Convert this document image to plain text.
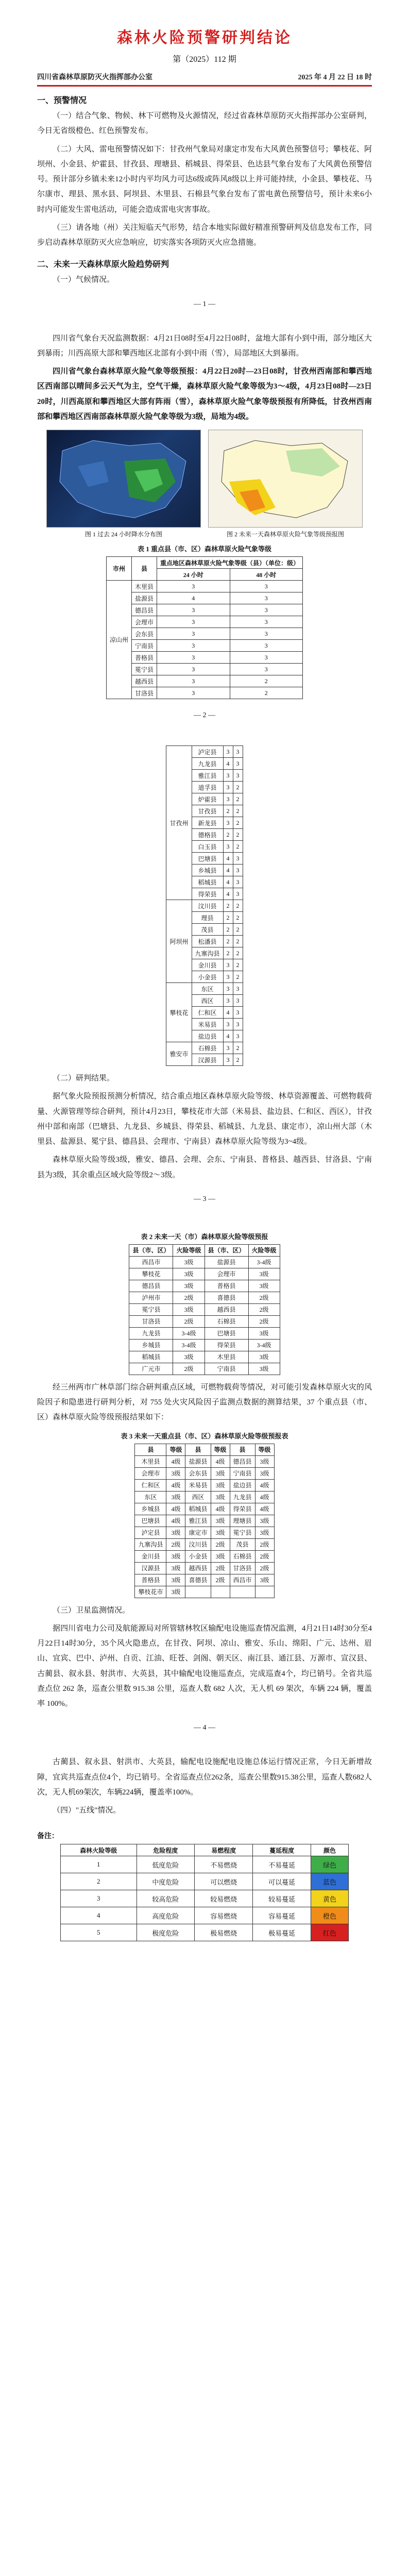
森林火险预警研判结论
第（2025）112 期
四川省森林草原防灭火指挥部办公室	2025 年 4 月 22 日 18 时
一、预警情况

（一）结合气象、物候、林下可燃物及火源情况，经过省森林草原防灭火指挥部办公室研判，今日无省级橙色、红色预警发布。

（二）大风、雷电预警情况如下：甘孜州气象局对康定市发布大风黄色预警信号；攀枝花、阿坝州、小金县、炉霍县、甘孜县、理塘县、稻城县、得荣县、色达县气象台发布了大风黄色预警信号。预计部分乡镇未来12小时内平均风力可达6级或阵风8级以上并可能持续，小金县、攀枝花、马尔康市、理县、黑水县、阿坝县、木里县、石棉县气象台发布了雷电黄色预警信号，预计未来6小时内可能发生雷电活动，可能会造成雷电灾害事故。

（三）请各地（州）关注短临天气形势，结合本地实际做好精准预警研判及信息发布工作，同步启动森林草原防灭火应急响应，切实落实各项防灭火应急措施。

二、未来一天森林草原火险趋势研判

（一）气候情况。

— 1 —

四川省气象台天况监测数据：4月21日08时至4月22日08时，盆地大部有小到中雨，部分地区大到暴雨；川西高原大部和攀西地区北部有小到中雨（雪），局部地区大到暴雨。

四川省气象台森林草原火险气象等级预报：4月22日20时—23日08时，甘孜州西南部和攀西地区西南部以晴间多云天气为主，空气干燥，森林草原火险气象等级为3～4级，4月23日08时—23日20时，川西高原和攀西地区大部有阵雨（雪），森林草原火险气象等级预报有所降低，甘孜州西南部和攀西地区西南部森林草原火险气象等级为3级，局地为4级。

图 1 过去 24 小时降水分布图	图 2 未来一天森林草原火险气象等级预报图
表 1 重点县（市、区）森林草原火险气象等级
市州	县	重点地区森林草原火险气象等级（县）（单位：级）	
		24 小时	48 小时
凉山州	木里县	3	3
	盐源县	4	3
	德昌县	3	3
	会理市	3	3
	会东县	3	3
	宁南县	3	3
	普格县	3	3
	冕宁县	3	3
	越西县	3	2
	甘洛县	3	2
— 2 —
甘孜州	泸定县	3	3
	九龙县	4	3
	雅江县	3	3
	道孚县	3	2
	炉霍县	3	2
	甘孜县	2	2
	新龙县	3	2
	德格县	2	2
	白玉县	3	2
	巴塘县	4	3
	乡城县	4	3
	稻城县	4	3
	得荣县	4	3
阿坝州	汶川县	2	2
	理县	2	2
	茂县	2	2
	松潘县	2	2
	九寨沟县	2	2
	金川县	3	2
	小金县	3	2
攀枝花	东区	3	3
	西区	3	3
	仁和区	4	3
	米易县	3	3
	盐边县	4	3
雅安市	石棉县	3	2
	汉源县	3	2

（二）研判结果。

据气象火险预报预测分析情况，结合重点地区森林草原火险等级、林草资源覆盖、可燃物载荷量、火源管理等综合研判，预计4月23日，攀枝花市大部（米易县、盐边县、仁和区、西区），甘孜州中部和南部（巴塘县、九龙县、乡城县、得荣县、稻城县、九龙县、康定市），凉山州大部（木里县、盐源县、冕宁县、德昌县、会理市、宁南县）森林草原火险等级为3~4级。

森林草原火险等级3级，雅安、德昌、会理、会东、宁南县、普格县、越西县、甘洛县、宁南县为3级，其余重点区域火险等级2～3级。

— 3 —
表 2 未来一天（市）森林草原火险等级预报
县（市、区）	火险等级	县（市、区）	火险等级
西昌市	3级	盐源县	3-4级
攀枝花	3级	会理市	3级
德昌县	3级	普格县	3级
泸州市	2级	喜德县	2级
冕宁县	3级	越西县	2级
甘洛县	2级	石棉县	2级
九龙县	3-4级	巴塘县	3级
乡城县	3-4级	得荣县	3-4级
稻城县	3级	木里县	3级
广元市	2级	宁南县	3级

经三州两市广林草部门综合研判重点区域，可燃物载荷等情况，对可能引发森林草原火灾的风险因子和隐患进行研判分析，对 755 处火灾风险因子监测点数据的测算结果，37 个重点县（市、区）森林草原火险等级预报结果如下：

表 3 未来一天重点县（市、区）森林草原火险等级预报表
县	等级	县	等级	县	等级
木里县	4级	盐源县	4级	德昌县	3级
会理市	3级	会东县	3级	宁南县	3级
仁和区	4级	米易县	3级	盐边县	4级
东区	3级	西区	3级	九龙县	4级
乡城县	4级	稻城县	4级	得荣县	4级
巴塘县	4级	雅江县	3级	理塘县	3级
泸定县	3级	康定市	3级	冕宁县	3级
九寨沟县	2级	汶川县	2级	茂县	2级
金川县	3级	小金县	3级	石棉县	2级
汉源县	3级	越西县	2级	甘洛县	2级
普格县	3级	喜德县	2级	西昌市	3级
攀枝花市	3级				

（三）卫星监测情况。

据四川省电力公司及航能源局对所管辖林牧区输配电设施巡查情况监测，4月21日14时30分至4月22日14时30分，35个风火隐患点，在甘孜、阿坝、凉山、雅安、乐山、绵阳、广元、达州、眉山、宜宾、巴中、泸州、自贡、江油、旺苍、剑阁、朝天区、南江县、通江县、万源市、宣汉县、古蔺县、叙永县、射洪市、大英县，其中输配电设施巡查点，完成巡查4个，均已销号。全省共巡查点位 262 条，巡查公里数 915.38 公里，巡查人数 682 人次，无人机 69 架次，车辆 224 辆，覆盖率 100%。

— 4 —

古蔺县、叙永县、射洪市、大英县，输配电设施配电设施总体运行情况正常，今日无新增故障，宜宾共巡查点位4个，均已销号。全省巡查点位262条，巡查公里数915.38公里，巡查人数682人次，无人机69架次，车辆224辆，覆盖率100%。

（四）"五线"情况。

备注：
森林火险等级	危险程度	易燃程度	蔓延程度	颜色
1	低度危险	不易燃烧	不易蔓延	绿色
2	中度危险	可以燃烧	可以蔓延	蓝色
3	较高危险	较易燃烧	较易蔓延	黄色
4	高度危险	容易燃烧	容易蔓延	橙色
5	极度危险	极易燃烧	极易蔓延	红色
